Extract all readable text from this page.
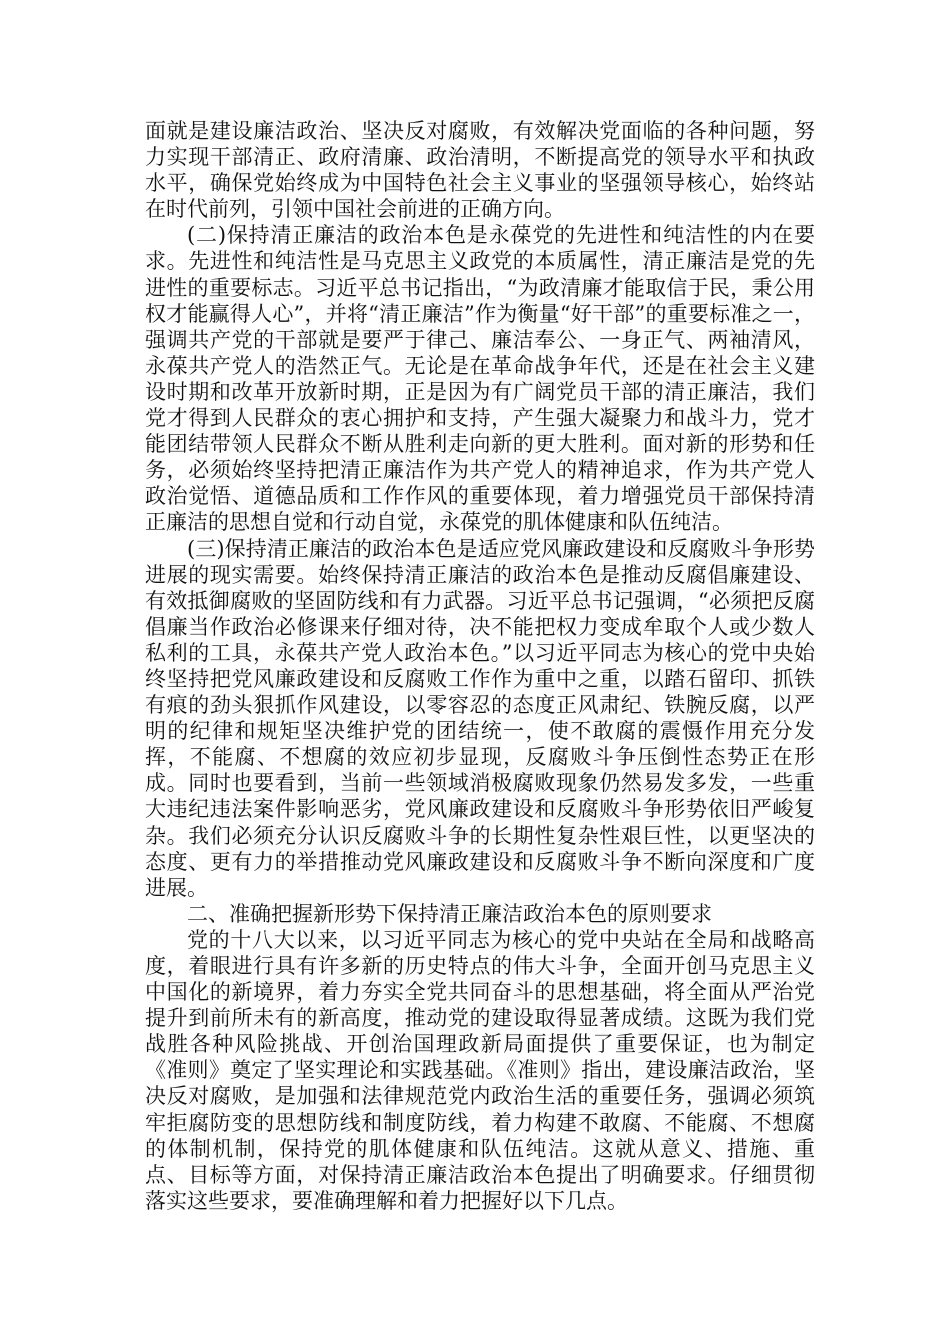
面就是建设廉洁政治、坚决反对腐败，有效解决党面临的各种问题，努力实现干部清正、政府清廉、政治清明，不断提高党的领导水平和执政水平，确保党始终成为中国特色社会主义事业的坚强领导核心，始终站在时代前列，引领中国社会前进的正确方向。

(二)保持清正廉洁的政治本色是永葆党的先进性和纯洁性的内在要求。先进性和纯洁性是马克思主义政党的本质属性，清正廉洁是党的先进性的重要标志。习近平总书记指出，“为政清廉才能取信于民，秉公用权才能赢得人心”，并将“清正廉洁”作为衡量“好干部”的重要标准之一，强调共产党的干部就是要严于律己、廉洁奉公、一身正气、两袖清风，永葆共产党人的浩然正气。无论是在革命战争年代，还是在社会主义建设时期和改革开放新时期，正是因为有广阔党员干部的清正廉洁，我们党才得到人民群众的衷心拥护和支持，产生强大凝聚力和战斗力，党才能团结带领人民群众不断从胜利走向新的更大胜利。面对新的形势和任务，必须始终坚持把清正廉洁作为共产党人的精神追求，作为共产党人政治觉悟、道德品质和工作作风的重要体现，着力增强党员干部保持清正廉洁的思想自觉和行动自觉，永葆党的肌体健康和队伍纯洁。

(三)保持清正廉洁的政治本色是适应党风廉政建设和反腐败斗争形势进展的现实需要。始终保持清正廉洁的政治本色是推动反腐倡廉建设、有效抵御腐败的坚固防线和有力武器。习近平总书记强调，“必须把反腐倡廉当作政治必修课来仔细对待，决不能把权力变成牟取个人或少数人私利的工具，永葆共产党人政治本色。”以习近平同志为核心的党中央始终坚持把党风廉政建设和反腐败工作作为重中之重，以踏石留印、抓铁有痕的劲头狠抓作风建设，以零容忍的态度正风肃纪、铁腕反腐，以严明的纪律和规矩坚决维护党的团结统一，使不敢腐的震慑作用充分发挥，不能腐、不想腐的效应初步显现，反腐败斗争压倒性态势正在形成。同时也要看到，当前一些领域消极腐败现象仍然易发多发，一些重大违纪违法案件影响恶劣，党风廉政建设和反腐败斗争形势依旧严峻复杂。我们必须充分认识反腐败斗争的长期性复杂性艰巨性，以更坚决的态度、更有力的举措推动党风廉政建设和反腐败斗争不断向深度和广度进展。

二、准确把握新形势下保持清正廉洁政治本色的原则要求

党的十八大以来，以习近平同志为核心的党中央站在全局和战略高度，着眼进行具有许多新的历史特点的伟大斗争，全面开创马克思主义中国化的新境界，着力夯实全党共同奋斗的思想基础，将全面从严治党提升到前所未有的新高度，推动党的建设取得显著成绩。这既为我们党战胜各种风险挑战、开创治国理政新局面提供了重要保证，也为制定《准则》奠定了坚实理论和实践基础。《准则》指出，建设廉洁政治，坚决反对腐败，是加强和法律规范党内政治生活的重要任务，强调必须筑牢拒腐防变的思想防线和制度防线，着力构建不敢腐、不能腐、不想腐的体制机制，保持党的肌体健康和队伍纯洁。这就从意义、措施、重点、目标等方面，对保持清正廉洁政治本色提出了明确要求。仔细贯彻落实这些要求，要准确理解和着力把握好以下几点。
